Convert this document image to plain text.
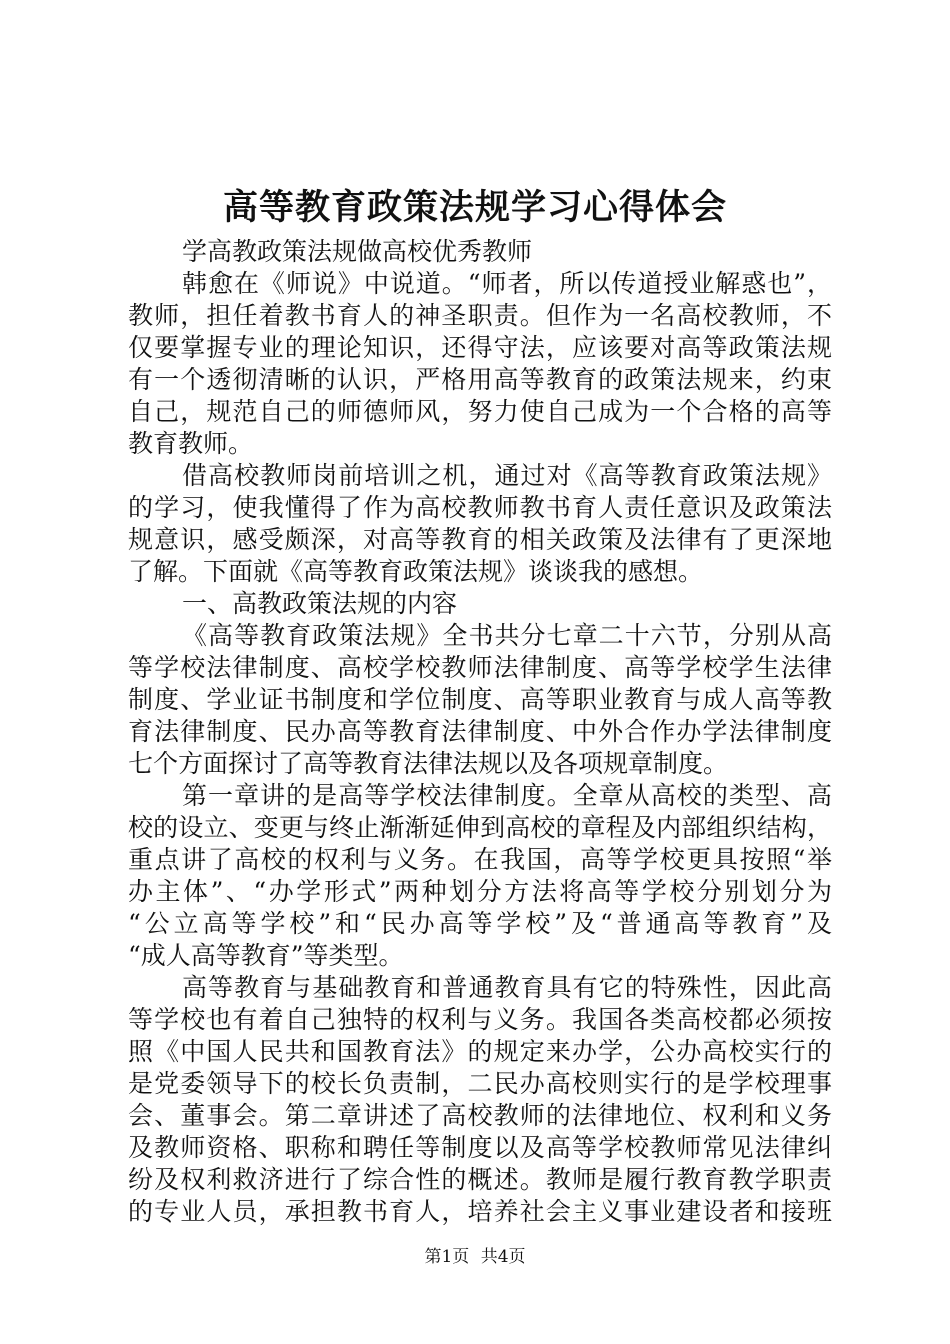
高等教育政策法规学习心得体会
学高教政策法规做高校优秀教师
韩愈在《师说》中说道。“师者，所以传道授业解惑也”，
教师，担任着教书育人的神圣职责。但作为一名高校教师，不
仅要掌握专业的理论知识，还得守法，应该要对高等政策法规
有一个透彻清晰的认识，严格用高等教育的政策法规来，约束
自己，规范自己的师德师风，努力使自己成为一个合格的高等
教育教师。
借高校教师岗前培训之机，通过对《高等教育政策法规》
的学习，使我懂得了作为高校教师教书育人责任意识及政策法
规意识，感受颇深，对高等教育的相关政策及法律有了更深地
了解。下面就《高等教育政策法规》谈谈我的感想。
一、高教政策法规的内容
《高等教育政策法规》全书共分七章二十六节，分别从高
等学校法律制度、高校学校教师法律制度、高等学校学生法律
制度、学业证书制度和学位制度、高等职业教育与成人高等教
育法律制度、民办高等教育法律制度、中外合作办学法律制度
七个方面探讨了高等教育法律法规以及各项规章制度。
第一章讲的是高等学校法律制度。全章从高校的类型、高
校的设立、变更与终止渐渐延伸到高校的章程及内部组织结构，
重点讲了高校的权利与义务。在我国，高等学校更具按照“举
办主体”、“办学形式”两种划分方法将高等学校分别划分为
“公立高等学校”和“民办高等学校”及“普通高等教育”及
“成人高等教育”等类型。
高等教育与基础教育和普通教育具有它的特殊性，因此高
等学校也有着自己独特的权利与义务。我国各类高校都必须按
照《中国人民共和国教育法》的规定来办学，公办高校实行的
是党委领导下的校长负责制，二民办高校则实行的是学校理事
会、董事会。第二章讲述了高校教师的法律地位、权利和义务
及教师资格、职称和聘任等制度以及高等学校教师常见法律纠
纷及权利救济进行了综合性的概述。教师是履行教育教学职责
的专业人员，承担教书育人，培养社会主义事业建设者和接班
第1页 共4页
